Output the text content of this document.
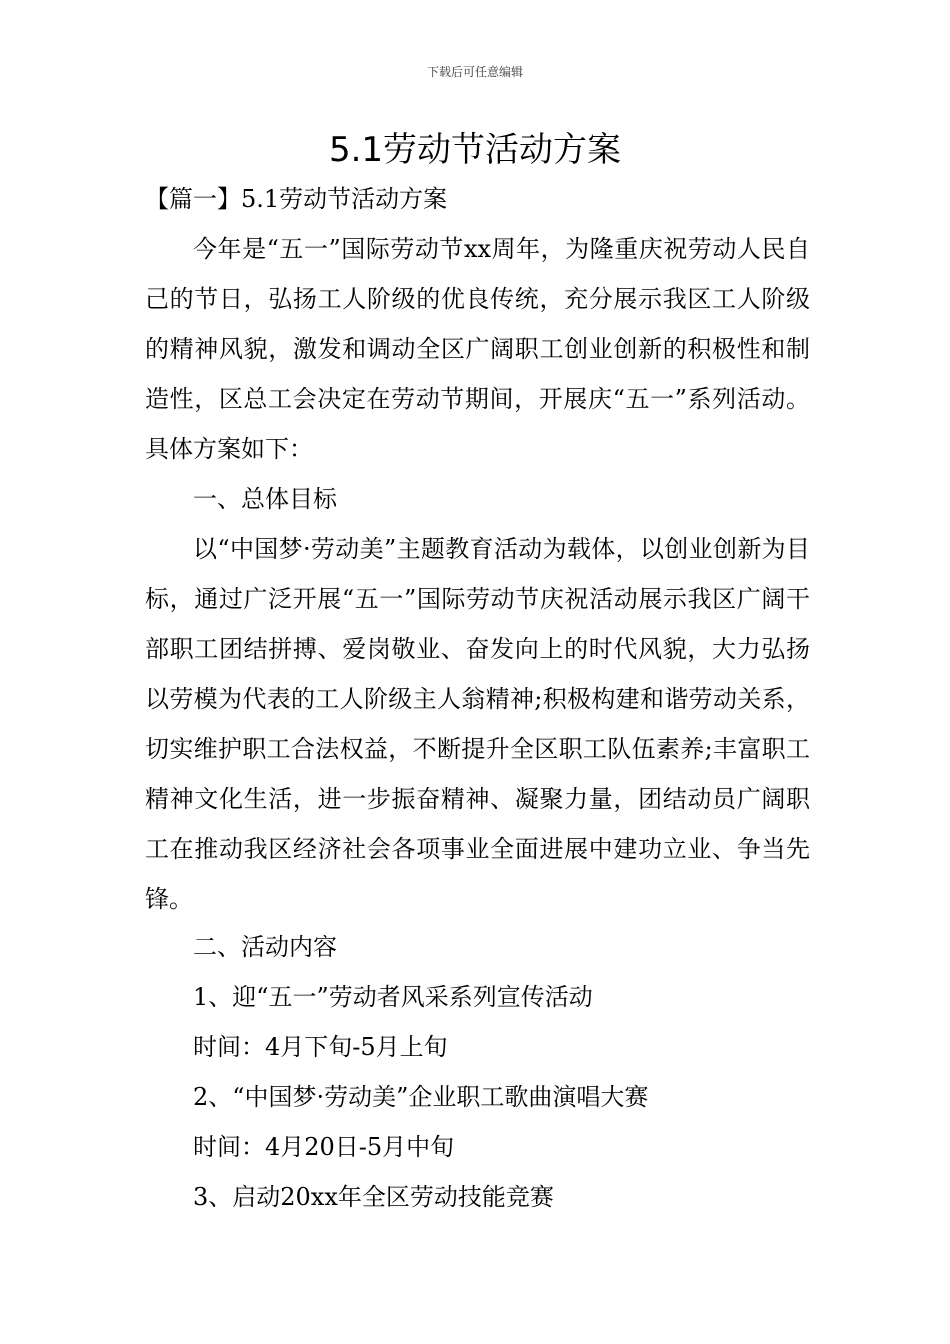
下载后可任意编辑
5.1劳动节活动方案

【篇一】5.1劳动节活动方案

今年是“五一”国际劳动节xx周年，为隆重庆祝劳动人民自己的节日，弘扬工人阶级的优良传统，充分展示我区工人阶级的精神风貌，激发和调动全区广阔职工创业创新的积极性和制造性，区总工会决定在劳动节期间，开展庆“五一”系列活动。具体方案如下：

一、总体目标

以“中国梦·劳动美”主题教育活动为载体，以创业创新为目标，通过广泛开展“五一”国际劳动节庆祝活动展示我区广阔干部职工团结拼搏、爱岗敬业、奋发向上的时代风貌，大力弘扬以劳模为代表的工人阶级主人翁精神;积极构建和谐劳动关系，切实维护职工合法权益，不断提升全区职工队伍素养;丰富职工精神文化生活，进一步振奋精神、凝聚力量，团结动员广阔职工在推动我区经济社会各项事业全面进展中建功立业、争当先锋。

二、活动内容

1、迎“五一”劳动者风采系列宣传活动

时间：4月下旬-5月上旬

2、“中国梦·劳动美”企业职工歌曲演唱大赛

时间：4月20日-5月中旬

3、启动20xx年全区劳动技能竞赛
